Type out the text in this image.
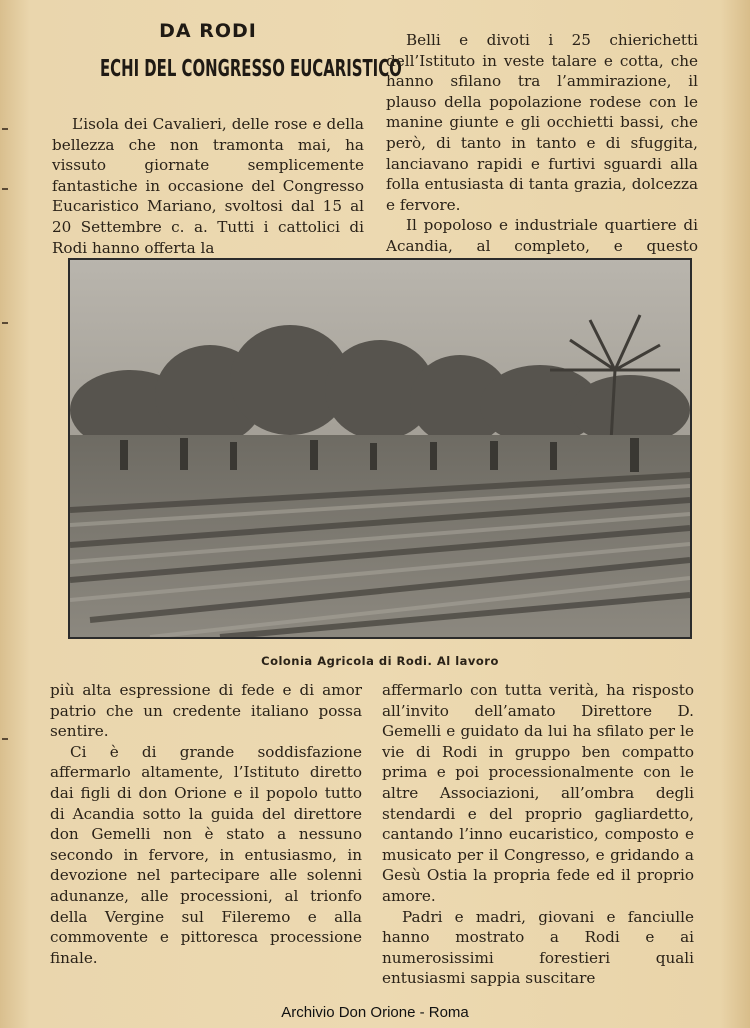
DA RODI
ECHI DEL CONGRESSO EUCARISTICO

L’isola dei Cavalieri, delle rose e della bellezza che non tramonta mai, ha vissuto giornate semplicemente fantastiche in occasione del Congresso Eucaristico Mariano, svoltosi dal 15 al 20 Settembre c. a. Tutti i cattolici di Rodi hanno offerta la

Belli e divoti i 25 chierichetti dell’Istituto in veste talare e cotta, che hanno sfilano tra l’ammirazione, il plauso della popolazione rodese con le manine giunte e gli occhietti bassi, che però, di tanto in tanto e di sfuggita, lanciavano rapidi e furtivi sguardi alla folla entusiasta di tanta grazia, dolcezza e fervore.

Il popoloso e industriale quartiere di Acandia, al completo, e questo

Colonia Agricola di Rodi. Al lavoro

più alta espressione di fede e di amor patrio che un credente italiano possa sentire.

Ci è di grande soddisfazione affermarlo altamente, l’Istituto diretto dai figli di don Orione e il popolo tutto di Acandia sotto la guida del direttore don Gemelli non è stato a nessuno secondo in fervore, in entusiasmo, in devozione nel partecipare alle solenni adunanze, alle processioni, al trionfo della Vergine sul Fileremo e alla commovente e pittoresca processione finale.

affermarlo con tutta verità, ha risposto all’invito dell’amato Direttore D. Gemelli e guidato da lui ha sfilato per le vie di Rodi in gruppo ben compatto prima e poi processionalmente con le altre Associazioni, all’ombra degli stendardi e del proprio gagliardetto, cantando l’inno eucaristico, composto e musicato per il Congresso, e gridando a Gesù Ostia la propria fede ed il proprio amore.

Padri e madri, giovani e fanciulle hanno mostrato a Rodi e ai numerosissimi forestieri quali entusiasmi sappia suscitare

Archivio Don Orione - Roma
